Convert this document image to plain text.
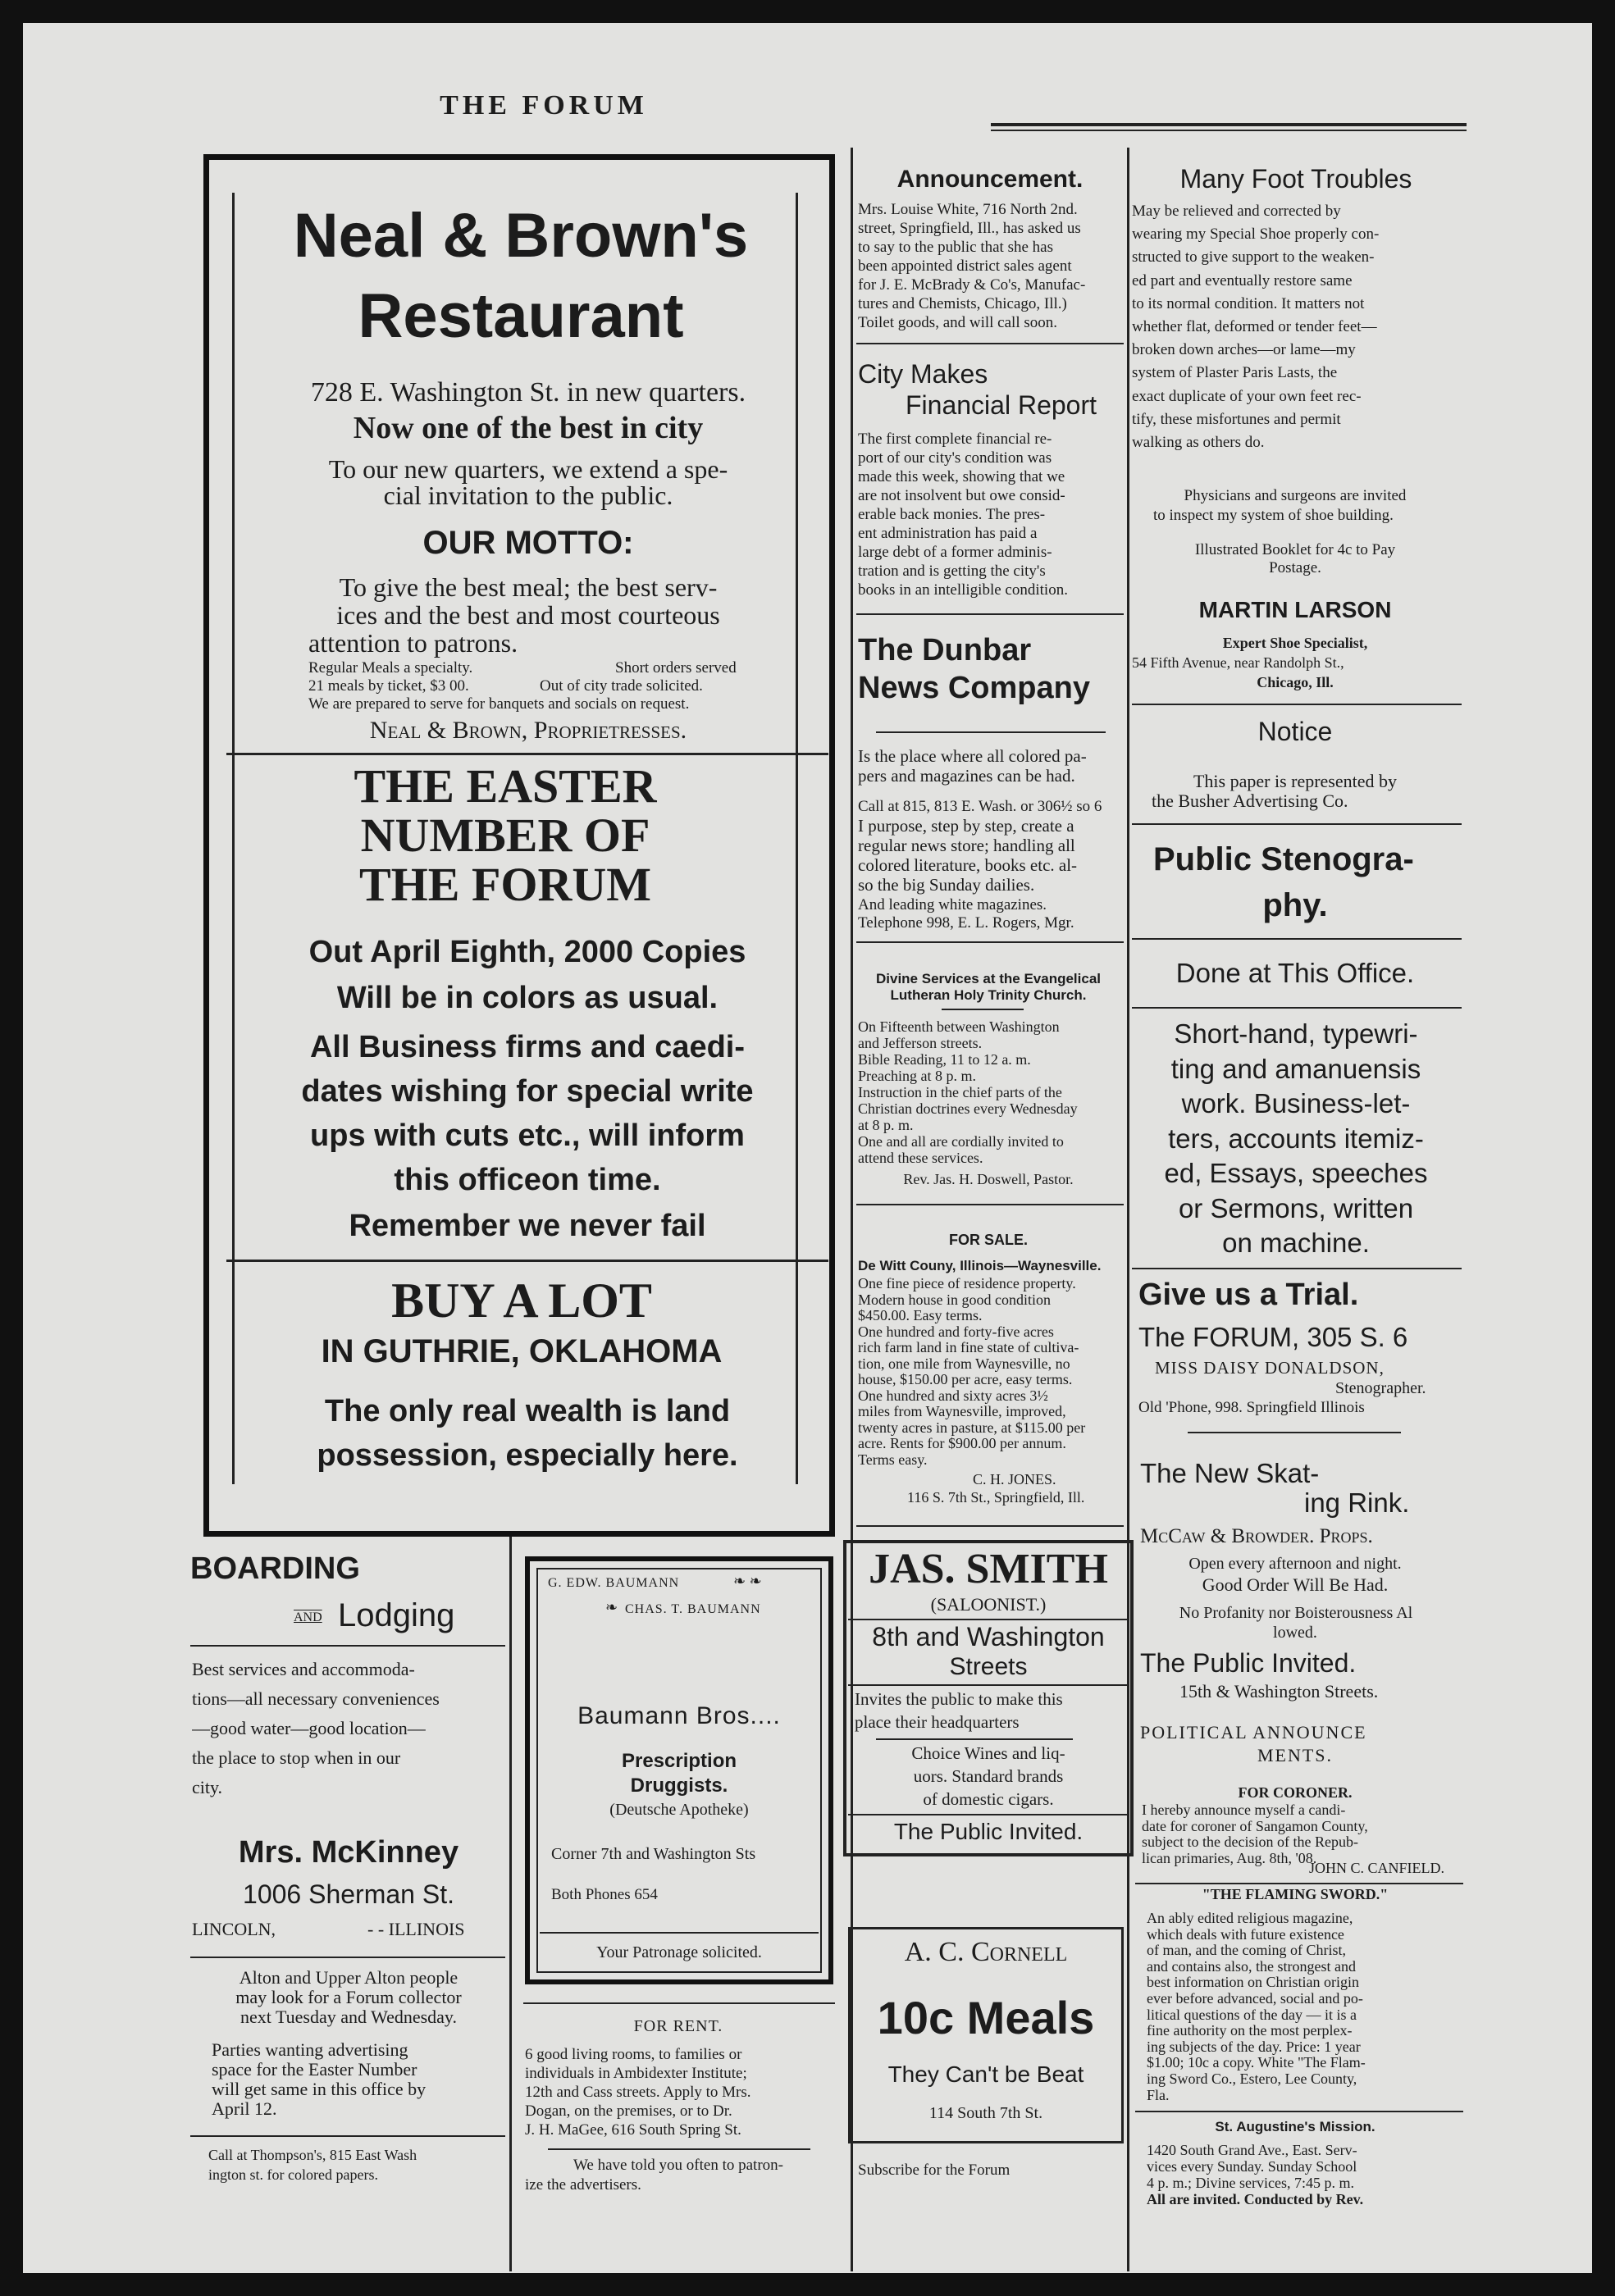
THE FORUM
Neal & Brown's
Restaurant
728 E. Washington St. in new quarters.
Now one of the best in city
To our new quarters, we extend a spe-
cial invitation to the public.
OUR MOTTO:
To give the best meal; the best serv-
ices and the best and most courteous
attention to patrons.
Regular Meals a specialty.	Short orders served
21 meals by ticket, $3 00.	Out of city trade solicited.
We are prepared to serve for banquets and socials on request.
Neal & Brown, Proprietresses.
THE EASTER
NUMBER OF
THE FORUM
Out April Eighth, 2000 Copies
Will be in colors as usual.
All Business firms and caedi-
dates wishing for special write
ups with cuts etc., will inform
this officeon time.
Remember we never fail
BUY A LOT
IN GUTHRIE, OKLAHOMA
The only real wealth is land
possession, especially here.
Announcement.
Mrs. Louise White, 716 North 2nd.
street, Springfield, Ill., has asked us
to say to the public that she has
been appointed district sales agent
for J. E. McBrady & Co's, Manufac-
tures and Chemists, Chicago, Ill.)
Toilet goods, and will call soon.
City Makes
Financial Report
The first complete financial re-
port of our city's condition was
made this week, showing that we
are not insolvent but owe consid-
erable back monies. The pres-
ent administration has paid a
large debt of a former adminis-
tration and is getting the city's
books in an intelligible condition.
The Dunbar
News Company
Is the place where all colored pa-
pers and magazines can be had.
Call at 815, 813 E. Wash. or 306½ so 6
I purpose, step by step, create a
regular news store; handling all
colored literature, books etc. al-
so the big Sunday dailies.
And leading white magazines.
Telephone 998, E. L. Rogers, Mgr.
Divine Services at the Evangelical
Lutheran Holy Trinity Church.
On Fifteenth between Washington
and Jefferson streets.
Bible Reading, 11 to 12 a. m.
Preaching at 8 p. m.
Instruction in the chief parts of the
Christian doctrines every Wednesday
at 8 p. m.
One and all are cordially invited to
attend these services.
Rev. Jas. H. Doswell, Pastor.
FOR SALE.
De Witt Couny, Illinois—Waynesville.
One fine piece of residence property.
Modern house in good condition
$450.00. Easy terms.
One hundred and forty-five acres
rich farm land in fine state of cultiva-
tion, one mile from Waynesville, no
house, $150.00 per acre, easy terms.
One hundred and sixty acres 3½
miles from Waynesville, improved,
twenty acres in pasture, at $115.00 per
acre. Rents for $900.00 per annum.
Terms easy.
C. H. JONES.
116 S. 7th St., Springfield, Ill.
JAS. SMITH
(SALOONIST.)
8th and Washington
Streets
Invites the public to make this
place their headquarters
Choice Wines and liq-
uors. Standard brands
of domestic cigars.
The Public Invited.
A. C. Cornell
10c Meals
They Can't be Beat
114 South 7th St.
Subscribe for the Forum
Many Foot Troubles
May be relieved and corrected by
wearing my Special Shoe properly con-
structed to give support to the weaken-
ed part and eventually restore same
to its normal condition. It matters not
whether flat, deformed or tender feet—
broken down arches—or lame—my
system of Plaster Paris Lasts, the
exact duplicate of your own feet rec-
tify, these misfortunes and permit
walking as others do.
Physicians and surgeons are invited
to inspect my system of shoe building.
Illustrated Booklet for 4c to Pay
Postage.
MARTIN LARSON
Expert Shoe Specialist,
54 Fifth Avenue, near Randolph St.,
Chicago, Ill.
Notice
This paper is represented by
the Busher Advertising Co.
Public Stenogra-
phy.
Done at This Office.
Short-hand, typewri-
ting and amanuensis
work. Business-let-
ters, accounts itemiz-
ed, Essays, speeches
or Sermons, written
on machine.
Give us a Trial.
The FORUM, 305 S. 6
MISS DAISY DONALDSON,
Stenographer.
Old 'Phone, 998. Springfield Illinois
The New Skat-
ing Rink.
McCaw & Browder. Props.
Open every afternoon and night.
Good Order Will Be Had.
No Profanity nor Boisterousness Al
lowed.
The Public Invited.
15th & Washington Streets.
POLITICAL ANNOUNCE
MENTS.
FOR CORONER.
I hereby announce myself a candi-
date for coroner of Sangamon County,
subject to the decision of the Repub-
lican primaries, Aug. 8th, '08.
JOHN C. CANFIELD.
"THE FLAMING SWORD."
An ably edited religious magazine,
which deals with future existence
of man, and the coming of Christ,
and contains also, the strongest and
best information on Christian origin
ever before advanced, social and po-
litical questions of the day — it is a
fine authority on the most perplex-
ing subjects of the day. Price: 1 year
$1.00; 10c a copy. White "The Flam-
ing Sword Co., Estero, Lee County,
Fla.
St. Augustine's Mission.
1420 South Grand Ave., East. Serv-
vices every Sunday. Sunday School
4 p. m.; Divine services, 7:45 p. m.
All are invited. Conducted by Rev.
BOARDING
AND Lodging
Best services and accommoda-
tions—all necessary conveniences
—good water—good location—
the place to stop when in our
city.
Mrs. McKinney
1006 Sherman St.
LINCOLN,	- - ILLINOIS
Alton and Upper Alton people
may look for a Forum collector
next Tuesday and Wednesday.
Parties wanting advertising
space for the Easter Number
will get same in this office by
April 12.
Call at Thompson's, 815 East Wash
ington st. for colored papers.
G. EDW. BAUMANN	❧ ❧
CHAS. T. BAUMANN
❧
Baumann Bros....
Prescription
Druggists.
(Deutsche Apotheke)
Corner 7th and Washington Sts
Both Phones 654
Your Patronage solicited.
FOR RENT.
6 good living rooms, to families or
individuals in Ambidexter Institute;
12th and Cass streets. Apply to Mrs.
Dogan, on the premises, or to Dr.
J. H. MaGee, 616 South Spring St.
We have told you often to patron-
ize the advertisers.
